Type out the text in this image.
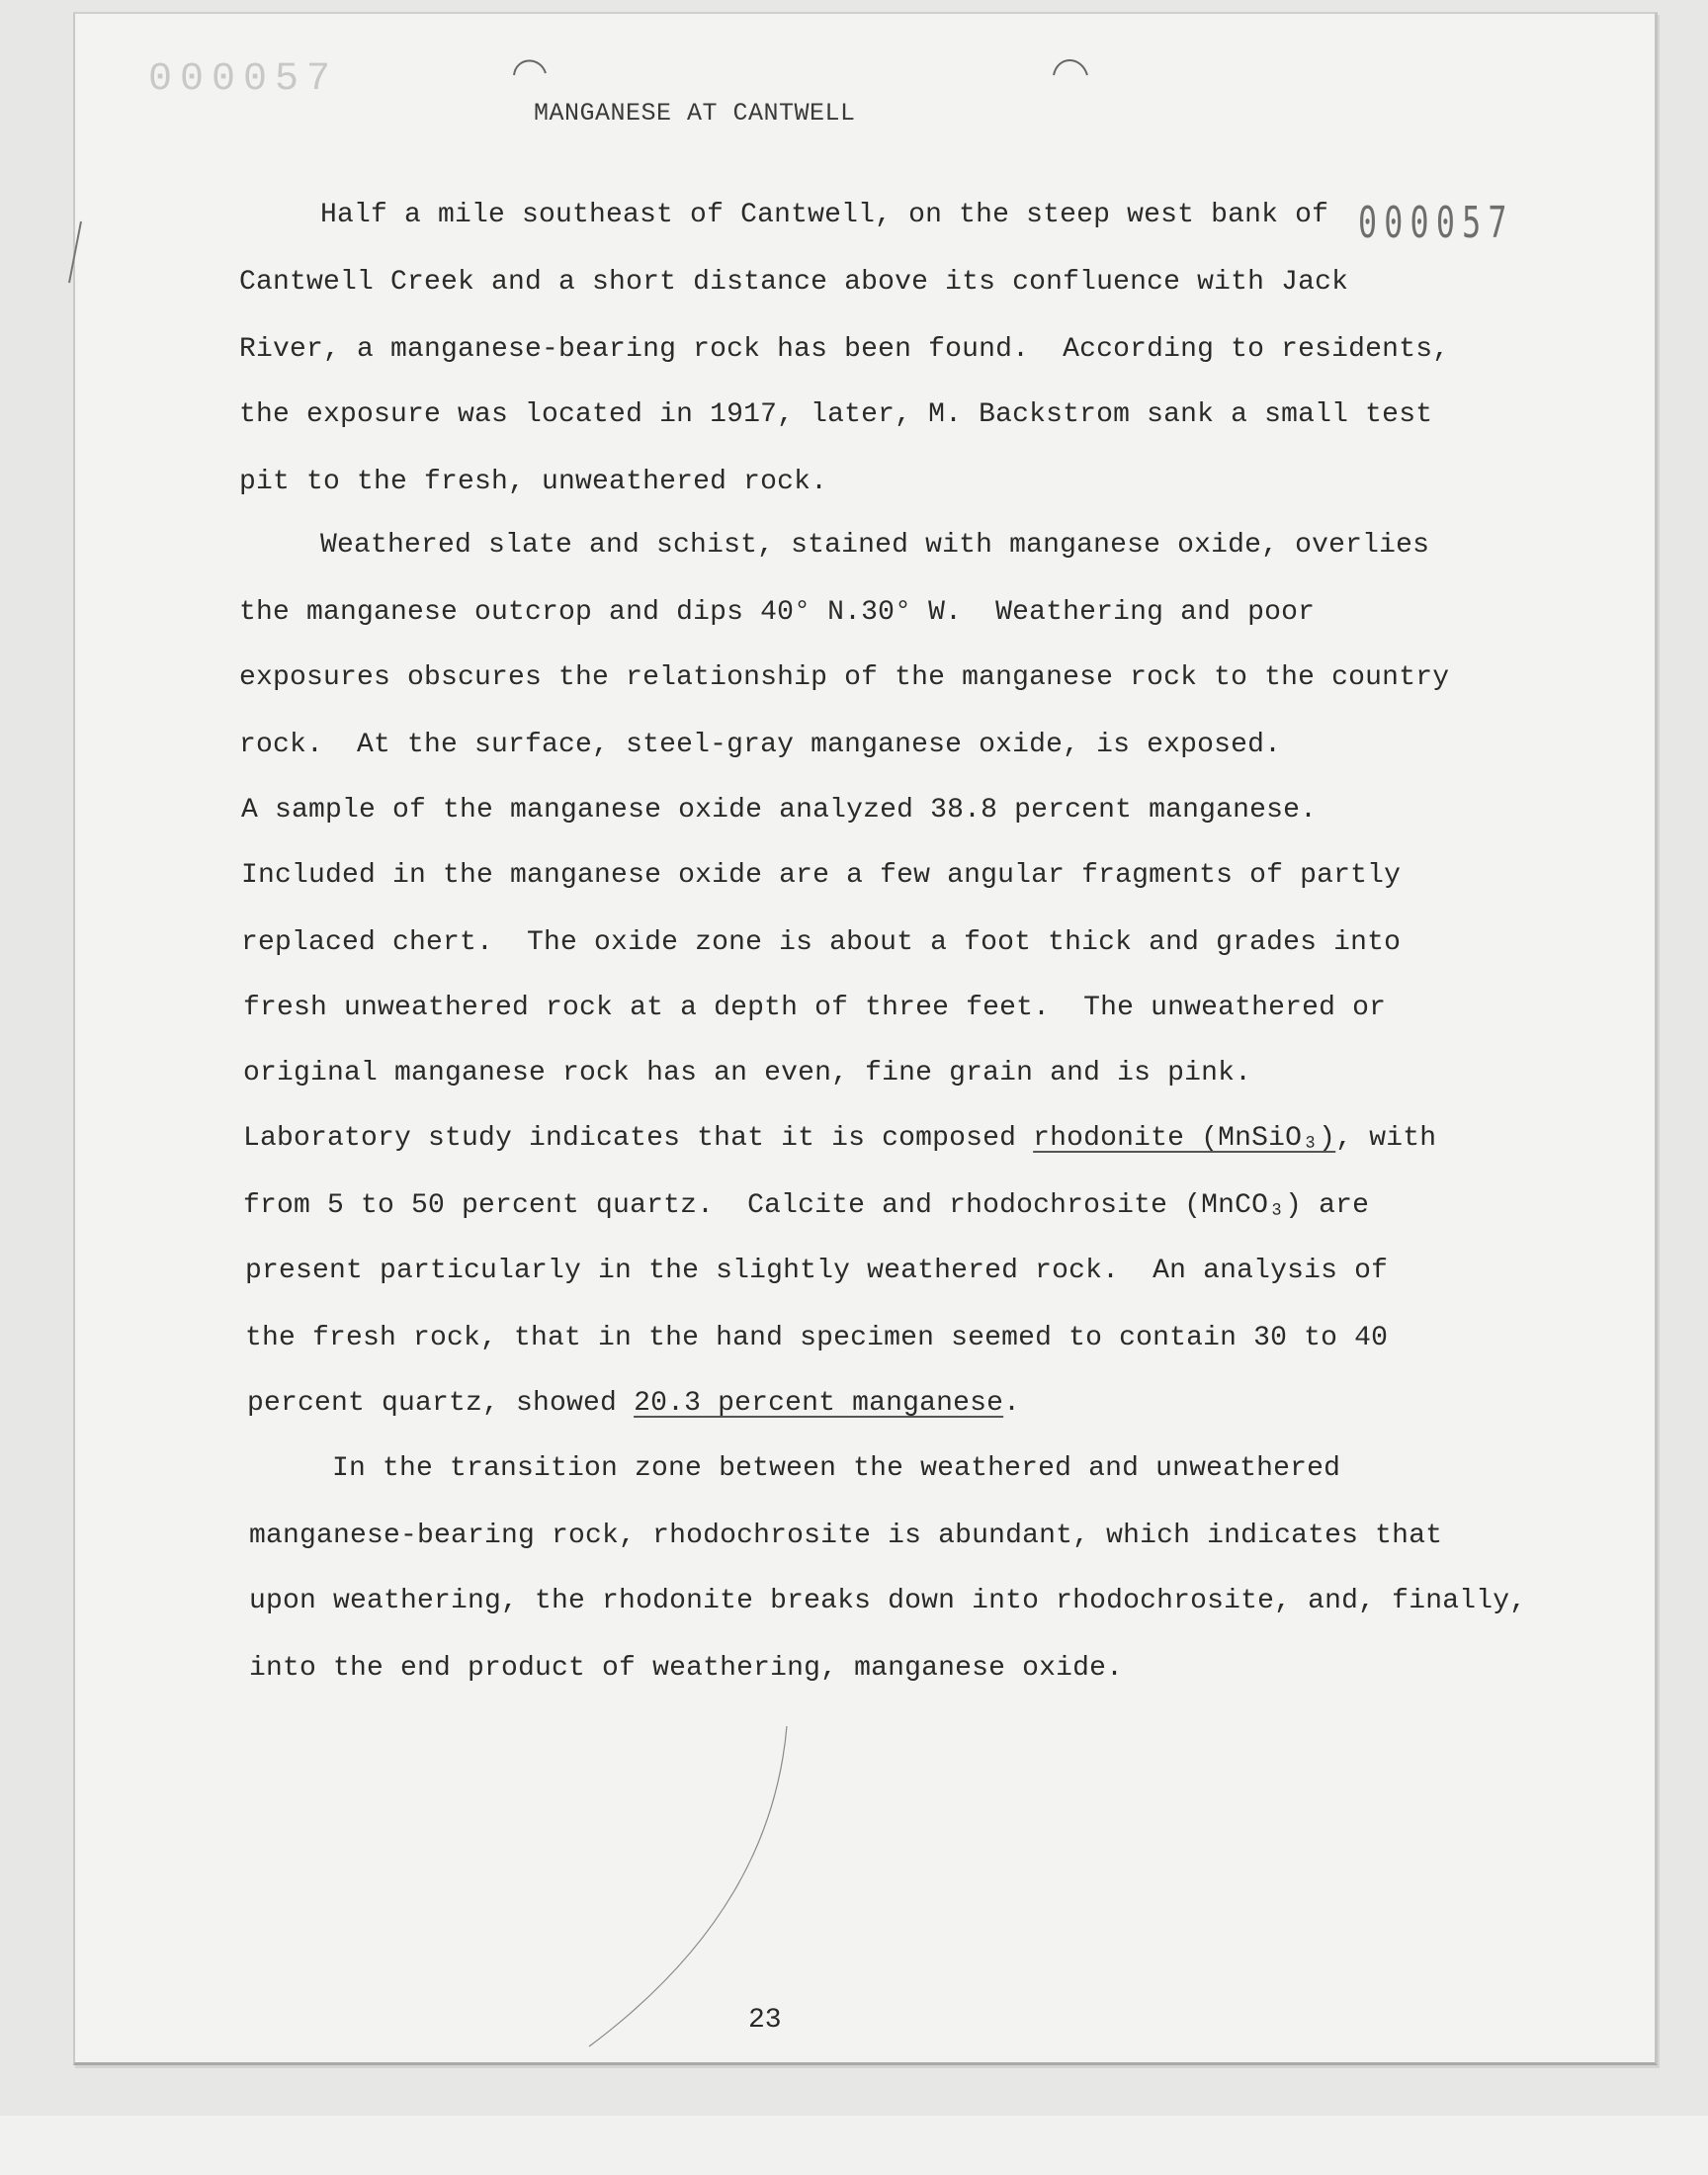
000057
MANGANESE AT CANTWELL
000057
Half a mile southeast of Cantwell, on the steep west bank of
Cantwell Creek and a short distance above its confluence with Jack
River, a manganese-bearing rock has been found.  According to residents,
the exposure was located in 1917, later, M. Backstrom sank a small test
pit to the fresh, unweathered rock.
Weathered slate and schist, stained with manganese oxide, overlies
the manganese outcrop and dips 40° N.30° W.  Weathering and poor
exposures obscures the relationship of the manganese rock to the country
rock.  At the surface, steel-gray manganese oxide, is exposed.
A sample of the manganese oxide analyzed 38.8 percent manganese.
Included in the manganese oxide are a few angular fragments of partly
replaced chert.  The oxide zone is about a foot thick and grades into
fresh unweathered rock at a depth of three feet.  The unweathered or
original manganese rock has an even, fine grain and is pink.
Laboratory study indicates that it is composed rhodonite (MnSiO₃), with
from 5 to 50 percent quartz.  Calcite and rhodochrosite (MnCO₃) are
present particularly in the slightly weathered rock.  An analysis of
the fresh rock, that in the hand specimen seemed to contain 30 to 40
percent quartz, showed 20.3 percent manganese.
In the transition zone between the weathered and unweathered
manganese-bearing rock, rhodochrosite is abundant, which indicates that
upon weathering, the rhodonite breaks down into rhodochrosite, and, finally,
into the end product of weathering, manganese oxide.
23
